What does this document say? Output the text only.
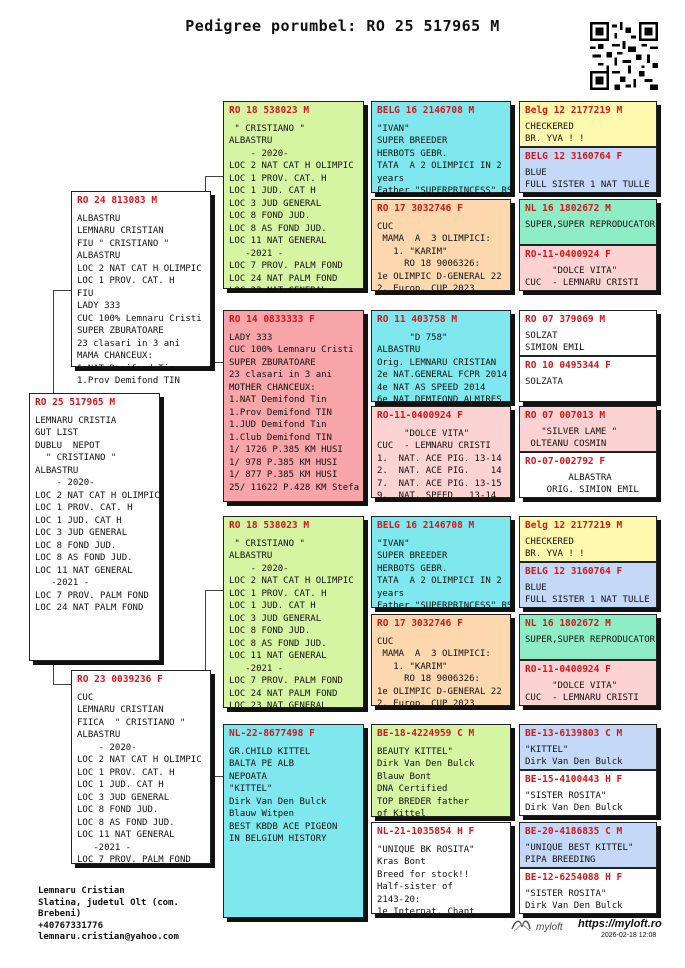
Pedigree porumbel: RO 25 517965 M
RO 25 517965 M
LEMNARU CRISTIA
GUT LIST
DUBLU  NEPOT
" CRISTIANO "
ALBASTRU
- 2020-
LOC 2 NAT CAT H OLIMPIC
LOC 1 PROV. CAT. H
LOC 1 JUD. CAT H
LOC 3 JUD GENERAL
LOC 8 FOND JUD.
LOC 8 AS FOND JUD.
LOC 11 NAT GENERAL
-2021 -
LOC 7 PROV. PALM FOND
LOC 24 NAT PALM FOND
RO 24 813083 M
ALBASTRU
LEMNARU CRISTIAN
FIU " CRISTIANO "
ALBASTRU
LOC 2 NAT CAT H OLIMPIC
LOC 1 PROV. CAT. H
FIU
LADY 333
CUC 100% Lemnaru Cristi
SUPER ZBURATOARE
23 clasari in 3 ani
MAMA CHANCEUX:
1.NAT Demifond Tin
1.Prov Demifond TIN
RO 23 0039236 F
CUC
LEMNARU CRISTIAN
FIICA  " CRISTIANO "
ALBASTRU
- 2020-
LOC 2 NAT CAT H OLIMPIC
LOC 1 PROV. CAT. H
LOC 1 JUD. CAT H
LOC 3 JUD GENERAL
LOC 8 FOND JUD.
LOC 8 AS FOND JUD.
LOC 11 NAT GENERAL
-2021 -
LOC 7 PROV. PALM FOND
RO 18 538023 M
" CRISTIANO "
ALBASTRU
- 2020-
LOC 2 NAT CAT H OLIMPIC
LOC 1 PROV. CAT. H
LOC 1 JUD. CAT H
LOC 3 JUD GENERAL
LOC 8 FOND JUD.
LOC 8 AS FOND JUD.
LOC 11 NAT GENERAL
-2021 -
LOC 7 PROV. PALM FOND
LOC 24 NAT PALM FOND
LOC 23 NAT GENERAL
RO 14 0833333 F
LADY 333
CUC 100% Lemnaru Cristi
SUPER ZBURATOARE
23 clasari in 3 ani
MOTHER CHANCEUX:
1.NAT Demifond Tin
1.Prov Demifond TIN
1.JUD Demifond Tin
1.Club Demifond TIN
1/ 1726 P.385 KM HUSI
1/ 978 P.385 KM HUSI
1/ 877 P.385 KM HUSI
25/ 11622 P.428 KM Stefa
RO 18 538023 M
" CRISTIANO "
ALBASTRU
- 2020-
LOC 2 NAT CAT H OLIMPIC
LOC 1 PROV. CAT. H
LOC 1 JUD. CAT H
LOC 3 JUD GENERAL
LOC 8 FOND JUD.
LOC 8 AS FOND JUD.
LOC 11 NAT GENERAL
-2021 -
LOC 7 PROV. PALM FOND
LOC 24 NAT PALM FOND
LOC 23 NAT GENERAL
NL-22-8677498 F
GR.CHILD KITTEL
BALTA PE ALB
NEPOATA
"KITTEL"
Dirk Van Den Bulck
Blauw Witpen
BEST KBDB ACE PIGEON
IN BELGIUM HISTORY
BELG 16 2146708 M
"IVAN"
SUPER BREEDER
HERBOTS GEBR.
TATA  A 2 OLIMPICI IN 2
years
Father "SUPERPRINCESS" RS
RO 17 3032746 F
CUC
MAMA  A  3 OLIMPICI:
1. "KARIM"
RO 18 9006326:
1e OLIMPIC D-GENERAL 22
2. Europ. CUP 2023
RO 11 403758 M
"D 758"
ALBASTRU
Orig. LEMNARU CRISTIAN
2e NAT.GENERAL FCPR 2014
4e NAT AS SPEED 2014
6e NAT DEMIFOND ALMIRES
RO-11-0400924 F
"DOLCE VITA"
CUC  - LEMNARU CRISTI
1.  NAT. ACE PIG. 13-14
2.  NAT. ACE PIG.    14
7.  NAT. ACE PIG. 13-15
9.  NAT. SPEED   13-14
BELG 16 2146708 M
"IVAN"
SUPER BREEDER
HERBOTS GEBR.
TATA  A 2 OLIMPICI IN 2
years
Father "SUPERPRINCESS" RS
RO 17 3032746 F
CUC
MAMA  A  3 OLIMPICI:
1. "KARIM"
RO 18 9006326:
1e OLIMPIC D-GENERAL 22
2. Europ. CUP 2023
BE-18-4224959 C M
BEAUTY KITTEL"
Dirk Van Den Bulck
Blauw Bont
DNA Certified
TOP BREDER father
of Kittel
NL-21-1035854 H F
"UNIQUE BK ROSITA"
Kras Bont
Breed for stock!!
Half-sister of
2143-20:
1e Internat. Chant
Belg 12 2177219 M
CHECKERED
BR. YVA ! !
BELG 12 3160764 F
BLUE
FULL SISTER 1 NAT TULLE
NL 16 1802672 M
SUPER,SUPER REPRODUCATOR
RO-11-0400924 F
"DOLCE VITA"
CUC  - LEMNARU CRISTI
RO 07 379069 M
SOLZAT
SIMION EMIL
RO 10 0495344 F
SOLZATA
RO 07 007013 M
"SILVER LAME "
OLTEANU COSMIN
RO-07-002792 F
ALBASTRA
ORIG. SIMION EMIL
Belg 12 2177219 M
CHECKERED
BR. YVA ! !
BELG 12 3160764 F
BLUE
FULL SISTER 1 NAT TULLE
NL 16 1802672 M
SUPER,SUPER REPRODUCATOR
RO-11-0400924 F
"DOLCE VITA"
CUC  - LEMNARU CRISTI
BE-13-6139803 C M
"KITTEL"
Dirk Van Den Bulck
BE-15-4100443 H F
"SISTER ROSITA"
Dirk Van Den Bulck
BE-20-4186835 C M
"UNIQUE BEST KITTEL"
PIPA BREEDING
BE-12-6254088 H F
"SISTER ROSITA"
Dirk Van Den Bulck
Lemnaru Cristian
Slatina, judetul Olt (com.
Brebeni)
+40767331776
lemnaru.cristian@yahoo.com
myloft https://myloft.ro
2026-02-18 12:08
